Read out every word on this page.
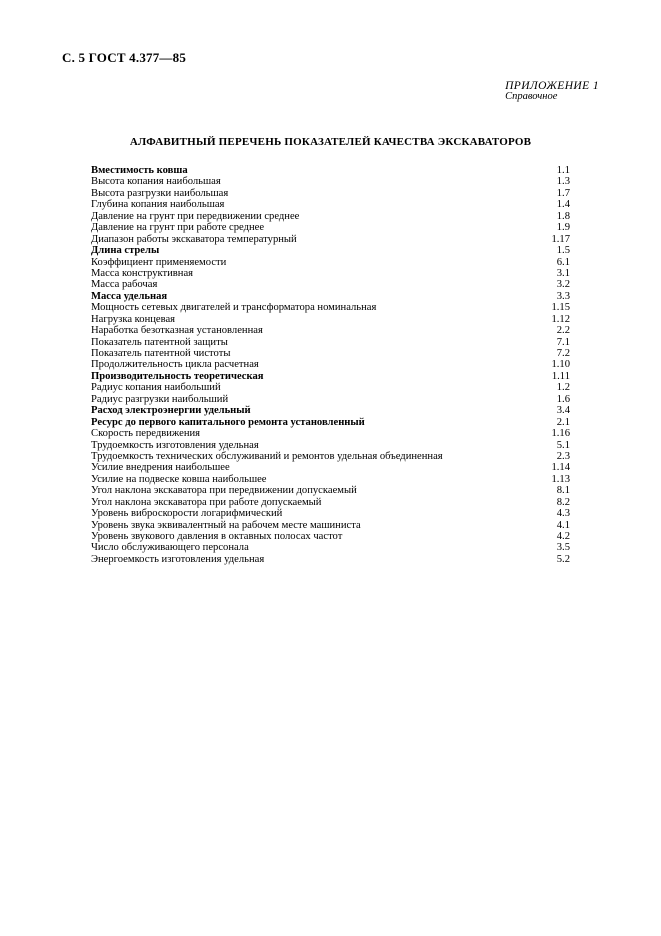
С. 5 ГОСТ 4.377—85
ПРИЛОЖЕНИЕ 1
Справочное
АЛФАВИТНЫЙ ПЕРЕЧЕНЬ ПОКАЗАТЕЛЕЙ КАЧЕСТВА ЭКСКАВАТОРОВ
Вместимость ковша	1.1
Высота копания наибольшая	1.3
Высота разгрузки наибольшая	1.7
Глубина копания наибольшая	1.4
Давление на грунт при передвижении среднее	1.8
Давление на грунт при работе среднее	1.9
Диапазон работы экскаватора температурный	1.17
Длина стрелы	1.5
Коэффициент применяемости	6.1
Масса конструктивная	3.1
Масса рабочая	3.2
Масса удельная	3.3
Мощность сетевых двигателей и трансформатора номинальная	1.15
Нагрузка концевая	1.12
Наработка безотказная установленная	2.2
Показатель патентной защиты	7.1
Показатель патентной чистоты	7.2
Продолжительность цикла расчетная	1.10
Производительность теоретическая	1.11
Радиус копания наибольший	1.2
Радиус разгрузки наибольший	1.6
Расход электроэнергии удельный	3.4
Ресурс до первого капитального ремонта установленный	2.1
Скорость передвижения	1.16
Трудоемкость изготовления удельная	5.1
Трудоемкость технических обслуживаний и ремонтов удельная объединенная	2.3
Усилие внедрения наибольшее	1.14
Усилие на подвеске ковша наибольшее	1.13
Угол наклона экскаватора при передвижении допускаемый	8.1
Угол наклона экскаватора при работе допускаемый	8.2
Уровень виброскорости логарифмический	4.3
Уровень звука эквивалентный на рабочем месте машиниста	4.1
Уровень звукового давления в октавных полосах частот	4.2
Число обслуживающего персонала	3.5
Энергоемкость изготовления удельная	5.2
